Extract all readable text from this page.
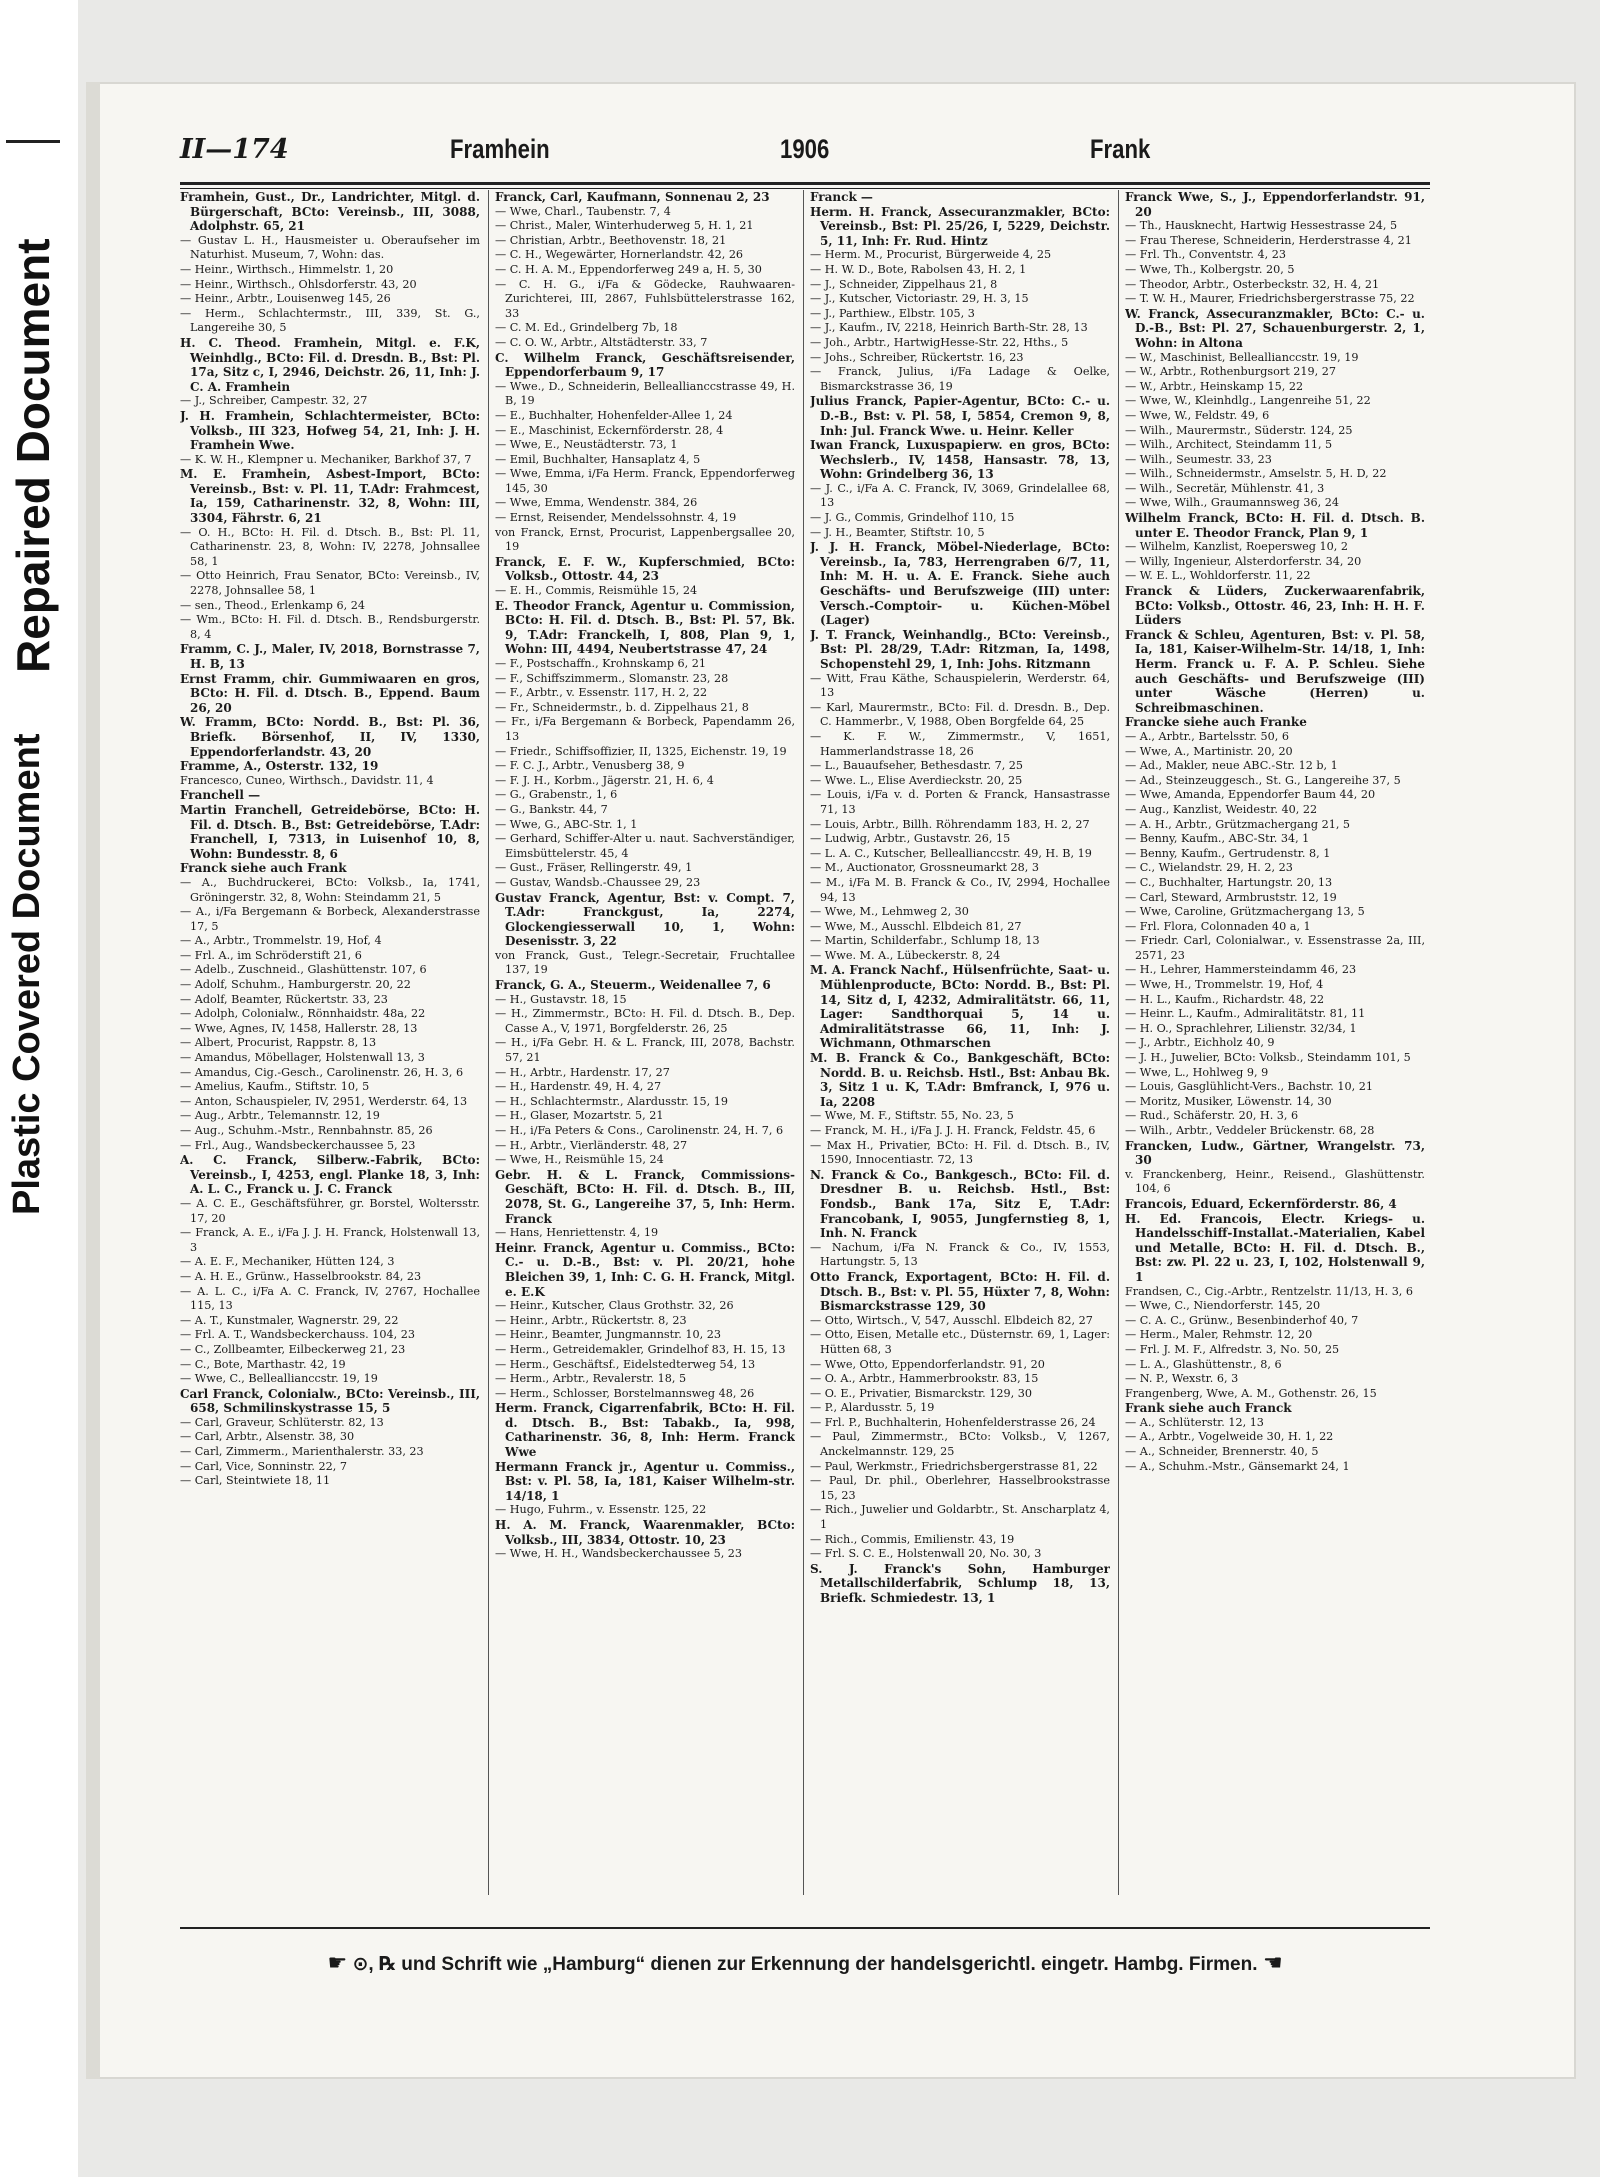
Repaired Document
Plastic Covered Document
II—174	Framhein	1906	Frank

Framhein, Gust., Dr., Landrichter, Mitgl. d. Bürgerschaft, BCto: Vereinsb., III, 3088, Adolphstr. 65, 21

— Gustav L. H., Hausmeister u. Oberaufseher im Naturhist. Museum, 7, Wohn: das.

— Heinr., Wirthsch., Himmelstr. 1, 20

— Heinr., Wirthsch., Ohlsdorferstr. 43, 20

— Heinr., Arbtr., Louisenweg 145, 26

— Herm., Schlachtermstr., III, 339, St. G., Langereihe 30, 5

H. C. Theod. Framhein, Mitgl. e. F.K, Weinhdlg., BCto: Fil. d. Dresdn. B., Bst: Pl. 17a, Sitz c, I, 2946, Deichstr. 26, 11, Inh: J. C. A. Framhein

— J., Schreiber, Campestr. 32, 27

J. H. Framhein, Schlachtermeister, BCto: Volksb., III 323, Hofweg 54, 21, Inh: J. H. Framhein Wwe.

— K. W. H., Klempner u. Mechaniker, Barkhof 37, 7

M. E. Framhein, Asbest-Import, BCto: Vereinsb., Bst: v. Pl. 11, T.Adr: Frahmcest, Ia, 159, Catharinenstr. 32, 8, Wohn: III, 3304, Fährstr. 6, 21

— O. H., BCto: H. Fil. d. Dtsch. B., Bst: Pl. 11, Catharinenstr. 23, 8, Wohn: IV, 2278, Johnsallee 58, 1

— Otto Heinrich, Frau Senator, BCto: Vereinsb., IV, 2278, Johnsallee 58, 1

— sen., Theod., Erlenkamp 6, 24

— Wm., BCto: H. Fil. d. Dtsch. B., Rendsburgerstr. 8, 4

Framm, C. J., Maler, IV, 2018, Bornstrasse 7, H. B, 13

Ernst Framm, chir. Gummiwaaren en gros, BCto: H. Fil. d. Dtsch. B., Eppend. Baum 26, 20

W. Framm, BCto: Nordd. B., Bst: Pl. 36, Briefk. Börsenhof, II, IV, 1330, Eppendorferlandstr. 43, 20

Framme, A., Osterstr. 132, 19

Francesco, Cuneo, Wirthsch., Davidstr. 11, 4

Franchell —

Martin Franchell, Getreidebörse, BCto: H. Fil. d. Dtsch. B., Bst: Getreidebörse, T.Adr: Franchell, I, 7313, in Luisenhof 10, 8, Wohn: Bundesstr. 8, 6

Franck siehe auch Frank

— A., Buchdruckerei, BCto: Volksb., Ia, 1741, Gröningerstr. 32, 8, Wohn: Steindamm 21, 5

— A., i/Fa Bergemann & Borbeck, Alexanderstrasse 17, 5

— A., Arbtr., Trommelstr. 19, Hof, 4

— Frl. A., im Schröderstift 21, 6

— Adelb., Zuschneid., Glashüttenstr. 107, 6

— Adolf, Schuhm., Hamburgerstr. 20, 22

— Adolf, Beamter, Rückertstr. 33, 23

— Adolph, Colonialw., Rönnhaidstr. 48a, 22

— Wwe, Agnes, IV, 1458, Hallerstr. 28, 13

— Albert, Procurist, Rappstr. 8, 13

— Amandus, Möbellager, Holstenwall 13, 3

— Amandus, Cig.-Gesch., Carolinenstr. 26, H. 3, 6

— Amelius, Kaufm., Stiftstr. 10, 5

— Anton, Schauspieler, IV, 2951, Werderstr. 64, 13

— Aug., Arbtr., Telemannstr. 12, 19

— Aug., Schuhm.-Mstr., Rennbahnstr. 85, 26

— Frl., Aug., Wandsbeckerchaussee 5, 23

A. C. Franck, Silberw.-Fabrik, BCto: Vereinsb., I, 4253, engl. Planke 18, 3, Inh: A. L. C., Franck u. J. C. Franck

— A. C. E., Geschäftsführer, gr. Borstel, Woltersstr. 17, 20

— Franck, A. E., i/Fa J. J. H. Franck, Holstenwall 13, 3

— A. E. F., Mechaniker, Hütten 124, 3

— A. H. E., Grünw., Hasselbrookstr. 84, 23

— A. L. C., i/Fa A. C. Franck, IV, 2767, Hochallee 115, 13

— A. T., Kunstmaler, Wagnerstr. 29, 22

— Frl. A. T., Wandsbeckerchauss. 104, 23

— C., Zollbeamter, Eilbeckerweg 21, 23

— C., Bote, Marthastr. 42, 19

— Wwe, C., Belleallianccstr. 19, 19

Carl Franck, Colonialw., BCto: Vereinsb., III, 658, Schmilinskystrasse 15, 5

— Carl, Graveur, Schlüterstr. 82, 13

— Carl, Arbtr., Alsenstr. 38, 30

— Carl, Zimmerm., Marienthalerstr. 33, 23

— Carl, Vice, Sonninstr. 22, 7

— Carl, Steintwiete 18, 11

Franck, Carl, Kaufmann, Sonnenau 2, 23

— Wwe, Charl., Taubenstr. 7, 4

— Christ., Maler, Winterhuderweg 5, H. 1, 21

— Christian, Arbtr., Beethovenstr. 18, 21

— C. H., Wegewärter, Hornerlandstr. 42, 26

— C. H. A. M., Eppendorferweg 249 a, H. 5, 30

— C. H. G., i/Fa & Gödecke, Rauhwaaren-Zurichterei, III, 2867, Fuhlsbüttelerstrasse 162, 33

— C. M. Ed., Grindelberg 7b, 18

— C. O. W., Arbtr., Altstädterstr. 33, 7

C. Wilhelm Franck, Geschäftsreisender, Eppendorferbaum 9, 17

— Wwe., D., Schneiderin, Belleallianccstrasse 49, H. B, 19

— E., Buchhalter, Hohenfelder-Allee 1, 24

— E., Maschinist, Eckernförderstr. 28, 4

— Wwe, E., Neustädterstr. 73, 1

— Emil, Buchhalter, Hansaplatz 4, 5

— Wwe, Emma, i/Fa Herm. Franck, Eppendorferweg 145, 30

— Wwe, Emma, Wendenstr. 384, 26

— Ernst, Reisender, Mendelssohnstr. 4, 19

von Franck, Ernst, Procurist, Lappenbergsallee 20, 19

Franck, E. F. W., Kupferschmied, BCto: Volksb., Ottostr. 44, 23

— E. H., Commis, Reismühle 15, 24

E. Theodor Franck, Agentur u. Commission, BCto: H. Fil. d. Dtsch. B., Bst: Pl. 57, Bk. 9, T.Adr: Franckelh, I, 808, Plan 9, 1, Wohn: III, 4494, Neubertstrasse 47, 24

— F., Postschaffn., Krohnskamp 6, 21

— F., Schiffszimmerm., Slomanstr. 23, 28

— F., Arbtr., v. Essenstr. 117, H. 2, 22

— Fr., Schneidermstr., b. d. Zippelhaus 21, 8

— Fr., i/Fa Bergemann & Borbeck, Papendamm 26, 13

— Friedr., Schiffsoffizier, II, 1325, Eichenstr. 19, 19

— F. C. J., Arbtr., Venusberg 38, 9

— F. J. H., Korbm., Jägerstr. 21, H. 6, 4

— G., Grabenstr., 1, 6

— G., Bankstr. 44, 7

— Wwe, G., ABC-Str. 1, 1

— Gerhard, Schiffer-Alter u. naut. Sachverständiger, Eimsbüttelerstr. 45, 4

— Gust., Fräser, Rellingerstr. 49, 1

— Gustav, Wandsb.-Chaussee 29, 23

Gustav Franck, Agentur, Bst: v. Compt. 7, T.Adr: Franckgust, Ia, 2274, Glockengiesserwall 10, 1, Wohn: Desenisstr. 3, 22

von Franck, Gust., Telegr.-Secretair, Fruchtallee 137, 19

Franck, G. A., Steuerm., Weidenallee 7, 6

— H., Gustavstr. 18, 15

— H., Zimmermstr., BCto: H. Fil. d. Dtsch. B., Dep. Casse A., V, 1971, Borgfelderstr. 26, 25

— H., i/Fa Gebr. H. & L. Franck, III, 2078, Bachstr. 57, 21

— H., Arbtr., Hardenstr. 17, 27

— H., Hardenstr. 49, H. 4, 27

— H., Schlachtermstr., Alardusstr. 15, 19

— H., Glaser, Mozartstr. 5, 21

— H., i/Fa Peters & Cons., Carolinenstr. 24, H. 7, 6

— H., Arbtr., Vierländerstr. 48, 27

— Wwe, H., Reismühle 15, 24

Gebr. H. & L. Franck, Commissions-Geschäft, BCto: H. Fil. d. Dtsch. B., III, 2078, St. G., Langereihe 37, 5, Inh: Herm. Franck

— Hans, Henriettenstr. 4, 19

Heinr. Franck, Agentur u. Commiss., BCto: C.- u. D.-B., Bst: v. Pl. 20/21, hohe Bleichen 39, 1, Inh: C. G. H. Franck, Mitgl. e. E.K

— Heinr., Kutscher, Claus Grothstr. 32, 26

— Heinr., Arbtr., Rückertstr. 8, 23

— Heinr., Beamter, Jungmannstr. 10, 23

— Herm., Getreidemakler, Grindelhof 83, H. 15, 13

— Herm., Geschäftsf., Eidelstedterweg 54, 13

— Herm., Arbtr., Revalerstr. 18, 5

— Herm., Schlosser, Borstelmannsweg 48, 26

Herm. Franck, Cigarrenfabrik, BCto: H. Fil. d. Dtsch. B., Bst: Tabakb., Ia, 998, Catharinenstr. 36, 8, Inh: Herm. Franck Wwe

Hermann Franck jr., Agentur u. Commiss., Bst: v. Pl. 58, Ia, 181, Kaiser Wilhelm-str. 14/18, 1

— Hugo, Fuhrm., v. Essenstr. 125, 22

H. A. M. Franck, Waarenmakler, BCto: Volksb., III, 3834, Ottostr. 10, 23

— Wwe, H. H., Wandsbeckerchaussee 5, 23

Franck —

Herm. H. Franck, Assecuranzmakler, BCto: Vereinsb., Bst: Pl. 25/26, I, 5229, Deichstr. 5, 11, Inh: Fr. Rud. Hintz

— Herm. M., Procurist, Bürgerweide 4, 25

— H. W. D., Bote, Rabolsen 43, H. 2, 1

— J., Schneider, Zippelhaus 21, 8

— J., Kutscher, Victoriastr. 29, H. 3, 15

— J., Parthiew., Elbstr. 105, 3

— J., Kaufm., IV, 2218, Heinrich Barth-Str. 28, 13

— Joh., Arbtr., HartwigHesse-Str. 22, Hths., 5

— Johs., Schreiber, Rückertstr. 16, 23

— Franck, Julius, i/Fa Ladage & Oelke, Bismarckstrasse 36, 19

Julius Franck, Papier-Agentur, BCto: C.- u. D.-B., Bst: v. Pl. 58, I, 5854, Cremon 9, 8, Inh: Jul. Franck Wwe. u. Heinr. Keller

Iwan Franck, Luxuspapierw. en gros, BCto: Wechslerb., IV, 1458, Hansastr. 78, 13, Wohn: Grindelberg 36, 13

— J. C., i/Fa A. C. Franck, IV, 3069, Grindelallee 68, 13

— J. G., Commis, Grindelhof 110, 15

— J. H., Beamter, Stiftstr. 10, 5

J. J. H. Franck, Möbel-Niederlage, BCto: Vereinsb., Ia, 783, Herrengraben 6/7, 11, Inh: M. H. u. A. E. Franck. Siehe auch Geschäfts- und Berufszweige (III) unter: Versch.-Comptoir- u. Küchen-Möbel (Lager)

J. T. Franck, Weinhandlg., BCto: Vereinsb., Bst: Pl. 28/29, T.Adr: Ritzman, Ia, 1498, Schopenstehl 29, 1, Inh: Johs. Ritzmann

— Witt, Frau Käthe, Schauspielerin, Werderstr. 64, 13

— Karl, Maurermstr., BCto: Fil. d. Dresdn. B., Dep. C. Hammerbr., V, 1988, Oben Borgfelde 64, 25

— K. F. W., Zimmermstr., V, 1651, Hammerlandstrasse 18, 26

— L., Bauaufseher, Bethesdastr. 7, 25

— Wwe. L., Elise Averdieckstr. 20, 25

— Louis, i/Fa v. d. Porten & Franck, Hansastrasse 71, 13

— Louis, Arbtr., Billh. Röhrendamm 183, H. 2, 27

— Ludwig, Arbtr., Gustavstr. 26, 15

— L. A. C., Kutscher, Belleallianccstr. 49, H. B, 19

— M., Auctionator, Grossneumarkt 28, 3

— M., i/Fa M. B. Franck & Co., IV, 2994, Hochallee 94, 13

— Wwe, M., Lehmweg 2, 30

— Wwe, M., Ausschl. Elbdeich 81, 27

— Martin, Schilderfabr., Schlump 18, 13

— Wwe. M. A., Lübeckerstr. 8, 24

M. A. Franck Nachf., Hülsenfrüchte, Saat- u. Mühlenproducte, BCto: Nordd. B., Bst: Pl. 14, Sitz d, I, 4232, Admiralitätstr. 66, 11, Lager: Sandthorquai 5, 14 u. Admiralitätstrasse 66, 11, Inh: J. Wichmann, Othmarschen

M. B. Franck & Co., Bankgeschäft, BCto: Nordd. B. u. Reichsb. Hstl., Bst: Anbau Bk. 3, Sitz 1 u. K, T.Adr: Bmfranck, I, 976 u. Ia, 2208

— Wwe, M. F., Stiftstr. 55, No. 23, 5

— Franck, M. H., i/Fa J. J. H. Franck, Feldstr. 45, 6

— Max H., Privatier, BCto: H. Fil. d. Dtsch. B., IV, 1590, Innocentiastr. 72, 13

N. Franck & Co., Bankgesch., BCto: Fil. d. Dresdner B. u. Reichsb. Hstl., Bst: Fondsb., Bank 17a, Sitz E, T.Adr: Francobank, I, 9055, Jungfernstieg 8, 1, Inh. N. Franck

— Nachum, i/Fa N. Franck & Co., IV, 1553, Hartungstr. 5, 13

Otto Franck, Exportagent, BCto: H. Fil. d. Dtsch. B., Bst: v. Pl. 55, Hüxter 7, 8, Wohn: Bismarckstrasse 129, 30

— Otto, Wirtsch., V, 547, Ausschl. Elbdeich 82, 27

— Otto, Eisen, Metalle etc., Düsternstr. 69, 1, Lager: Hütten 68, 3

— Wwe, Otto, Eppendorferlandstr. 91, 20

— O. A., Arbtr., Hammerbrookstr. 83, 15

— O. E., Privatier, Bismarckstr. 129, 30

— P., Alardusstr. 5, 19

— Frl. P., Buchhalterin, Hohenfelderstrasse 26, 24

— Paul, Zimmermstr., BCto: Volksb., V, 1267, Anckelmannstr. 129, 25

— Paul, Werkmstr., Friedrichsbergerstrasse 81, 22

— Paul, Dr. phil., Oberlehrer, Hasselbrookstrasse 15, 23

— Rich., Juwelier und Goldarbtr., St. Anscharplatz 4, 1

— Rich., Commis, Emilienstr. 43, 19

— Frl. S. C. E., Holstenwall 20, No. 30, 3

S. J. Franck's Sohn, Hamburger Metallschilderfabrik, Schlump 18, 13, Briefk. Schmiedestr. 13, 1

Franck Wwe, S., J., Eppendorferlandstr. 91, 20

— Th., Hausknecht, Hartwig Hessestrasse 24, 5

— Frau Therese, Schneiderin, Herderstrasse 4, 21

— Frl. Th., Conventstr. 4, 23

— Wwe, Th., Kolbergstr. 20, 5

— Theodor, Arbtr., Osterbeckstr. 32, H. 4, 21

— T. W. H., Maurer, Friedrichsbergerstrasse 75, 22

W. Franck, Assecuranzmakler, BCto: C.- u. D.-B., Bst: Pl. 27, Schauenburgerstr. 2, 1, Wohn: in Altona

— W., Maschinist, Belleallianccstr. 19, 19

— W., Arbtr., Rothenburgsort 219, 27

— W., Arbtr., Heinskamp 15, 22

— Wwe, W., Kleinhdlg., Langenreihe 51, 22

— Wwe, W., Feldstr. 49, 6

— Wilh., Maurermstr., Süderstr. 124, 25

— Wilh., Architect, Steindamm 11, 5

— Wilh., Seumestr. 33, 23

— Wilh., Schneidermstr., Amselstr. 5, H. D, 22

— Wilh., Secretär, Mühlenstr. 41, 3

— Wwe, Wilh., Graumannsweg 36, 24

Wilhelm Franck, BCto: H. Fil. d. Dtsch. B. unter E. Theodor Franck, Plan 9, 1

— Wilhelm, Kanzlist, Roepersweg 10, 2

— Willy, Ingenieur, Alsterdorferstr. 34, 20

— W. E. L., Wohldorferstr. 11, 22

Franck & Lüders, Zuckerwaarenfabrik, BCto: Volksb., Ottostr. 46, 23, Inh: H. H. F. Lüders

Franck & Schleu, Agenturen, Bst: v. Pl. 58, Ia, 181, Kaiser-Wilhelm-Str. 14/18, 1, Inh: Herm. Franck u. F. A. P. Schleu. Siehe auch Geschäfts- und Berufszweige (III) unter Wäsche (Herren) u. Schreibmaschinen.

Francke siehe auch Franke

— A., Arbtr., Bartelsstr. 50, 6

— Wwe, A., Martinistr. 20, 20

— Ad., Makler, neue ABC.-Str. 12 b, 1

— Ad., Steinzeuggesch., St. G., Langereihe 37, 5

— Wwe, Amanda, Eppendorfer Baum 44, 20

— Aug., Kanzlist, Weidestr. 40, 22

— A. H., Arbtr., Grützmachergang 21, 5

— Benny, Kaufm., ABC-Str. 34, 1

— Benny, Kaufm., Gertrudenstr. 8, 1

— C., Wielandstr. 29, H. 2, 23

— C., Buchhalter, Hartungstr. 20, 13

— Carl, Steward, Armbruststr. 12, 19

— Wwe, Caroline, Grützmachergang 13, 5

— Frl. Flora, Colonnaden 40 a, 1

— Friedr. Carl, Colonialwar., v. Essenstrasse 2a, III, 2571, 23

— H., Lehrer, Hammersteindamm 46, 23

— Wwe, H., Trommelstr. 19, Hof, 4

— H. L., Kaufm., Richardstr. 48, 22

— Heinr. L., Kaufm., Admiralitätstr. 81, 11

— H. O., Sprachlehrer, Lilienstr. 32/34, 1

— J., Arbtr., Eichholz 40, 9

— J. H., Juwelier, BCto: Volksb., Steindamm 101, 5

— Wwe, L., Hohlweg 9, 9

— Louis, Gasglühlicht-Vers., Bachstr. 10, 21

— Moritz, Musiker, Löwenstr. 14, 30

— Rud., Schäferstr. 20, H. 3, 6

— Wilh., Arbtr., Veddeler Brückenstr. 68, 28

Francken, Ludw., Gärtner, Wrangelstr. 73, 30

v. Franckenberg, Heinr., Reisend., Glashüttenstr. 104, 6

Francois, Eduard, Eckernförderstr. 86, 4

H. Ed. Francois, Electr. Kriegs- u. Handelsschiff-Installat.-Materialien, Kabel und Metalle, BCto: H. Fil. d. Dtsch. B., Bst: zw. Pl. 22 u. 23, I, 102, Holstenwall 9, 1

Frandsen, C., Cig.-Arbtr., Rentzelstr. 11/13, H. 3, 6

— Wwe, C., Niendorferstr. 145, 20

— C. A. C., Grünw., Besenbinderhof 40, 7

— Herm., Maler, Rehmstr. 12, 20

— Frl. J. M. F., Alfredstr. 3, No. 50, 25

— L. A., Glashüttenstr., 8, 6

— N. P., Wexstr. 6, 3

Frangenberg, Wwe, A. M., Gothenstr. 26, 15

Frank siehe auch Franck

— A., Schlüterstr. 12, 13

— A., Arbtr., Vogelweide 30, H. 1, 22

— A., Schneider, Brennerstr. 40, 5

— A., Schuhm.-Mstr., Gänsemarkt 24, 1

☛ ⊙, ℞ und Schrift wie „Hamburg“ dienen zur Erkennung der handelsgerichtl. eingetr. Hambg. Firmen. ☛
